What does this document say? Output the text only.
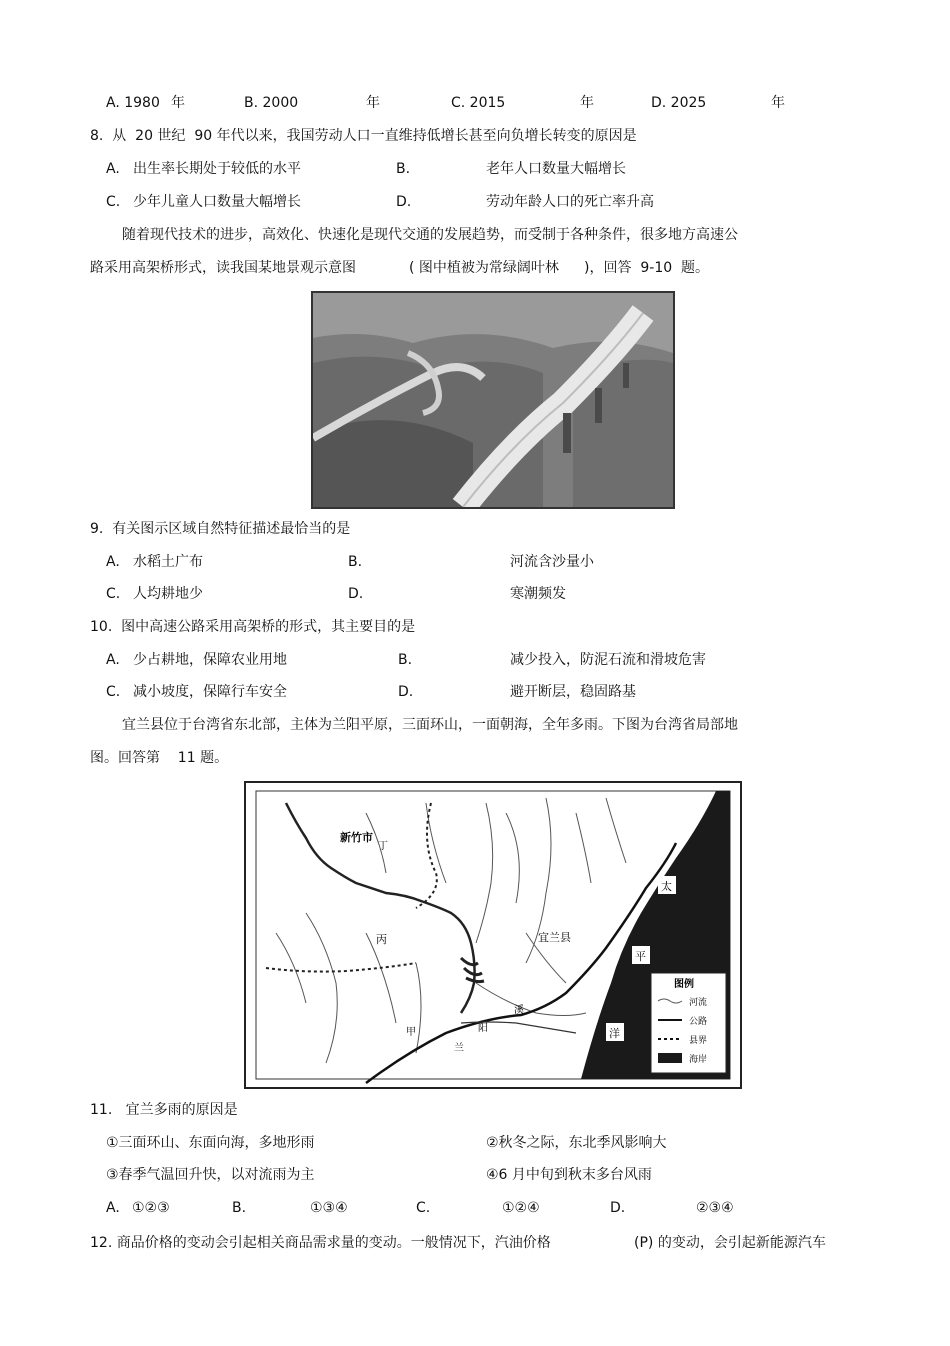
A. 1980 年	B. 2000	年	C. 2015	年	D. 2025	年
8.  从  20 世纪  90 年代以来，我国劳动人口一直维持低增长甚至向负增长转变的原因是
A. 出生率长期处于较低的水平	B.	老年人口数量大幅增长
C. 少年儿童人口数量大幅增长	D.	劳动年龄人口的死亡率升高
随着现代技术的进步，高效化、快速化是现代交通的发展趋势，而受制于各种条件，很多地方高速公
路采用高架桥形式，读我国某地景观示意图	( 图中植被为常绿阔叶林 )，回答  9-10  题。
9.  有关图示区域自然特征描述最恰当的是
A. 水稻土广布	B.	河流含沙量小
C. 人均耕地少	D.	寒潮频发
10.  图中高速公路采用高架桥的形式，其主要目的是
A. 少占耕地，保障农业用地	B.	减少投入，防泥石流和滑坡危害
C. 减小坡度，保障行车安全	D.	避开断层，稳固路基
宜兰县位于台湾省东北部，主体为兰阳平原，三面环山，一面朝海，全年多雨。下图为台湾省局部地
图。回答第    11 题。
新竹市
丁
丙	宜兰县
甲
兰
阳
溪
太
平
洋
图例
河流
公路
县界
海岸
11.   宜兰多雨的原因是
①三面环山、东面向海，多地形雨	②秋冬之际，东北季风影响大
③春季气温回升快，以对流雨为主	④6 月中旬到秋末多台风雨
A. ①②③	B.	①③④	C.	①②④	D.	②③④
12. 商品价格的变动会引起相关商品需求量的变动。一般情况下，汽油价格	(P) 的变动，会引起新能源汽车
